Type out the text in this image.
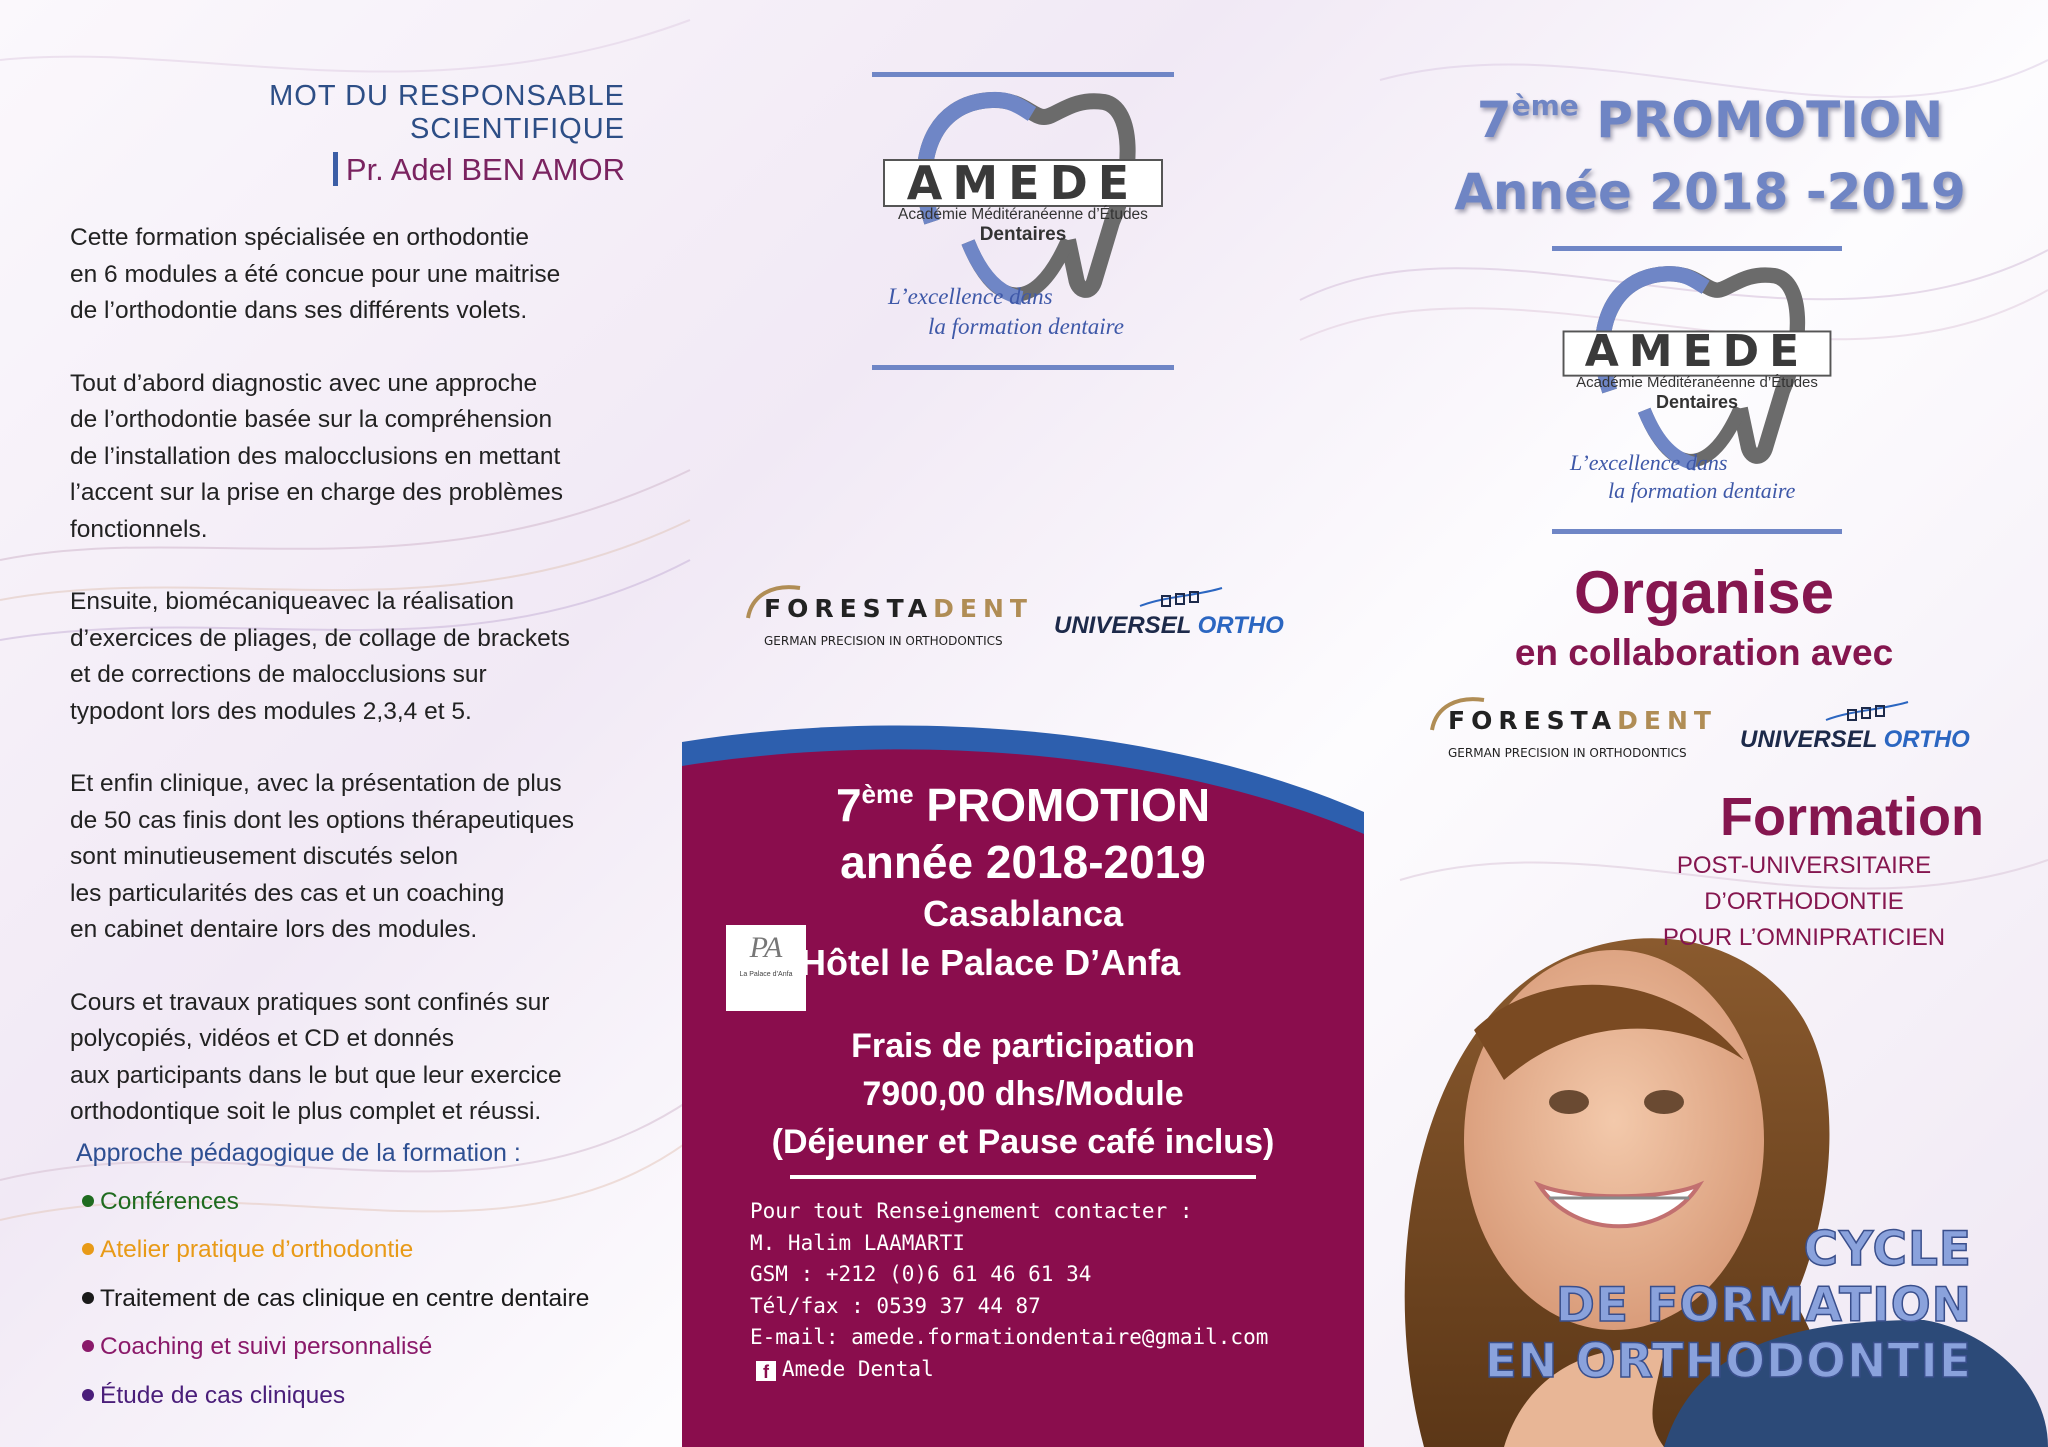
MOT DU RESPONSABLE SCIENTIFIQUE
Pr. Adel BEN AMOR

Cette formation spécialisée en orthodontie
en 6 modules a été concue pour une maitrise
de l’orthodontie dans ses différents volets.

Tout d’abord diagnostic avec une approche
de l’orthodontie basée sur la compréhension
de l’installation des malocclusions en mettant
l’accent sur la prise en charge des problèmes
fonctionnels.

Ensuite, biomécaniqueavec la réalisation
d’exercices de pliages, de collage de brackets
et de corrections de malocclusions sur
typodont lors des modules 2,3,4 et 5.

Et enfin clinique, avec la présentation de plus
de 50 cas finis dont les options thérapeutiques
sont minutieusement discutés selon
les particularités des cas et un coaching
en cabinet dentaire lors des modules.

Cours et travaux pratiques sont confinés sur
polycopiés, vidéos et CD et donnés
aux participants dans le but que leur exercice
orthodontique soit le plus complet et réussi.

Approche pédagogique de la formation :
Conférences
Atelier pratique d’orthodontie
Traitement de cas clinique en centre dentaire
Coaching et suivi personnalisé
Étude de cas cliniques
AMEDE
Académie Méditéranéenne d’Études
Dentaires
L’excellence dans
la formation dentaire
FORESTADENT
GERMAN PRECISION IN ORTHODONTICS
UNIVERSEL ORTHO
7ème PROMOTION
année 2018-2019
Casablanca
PA
La Palace d’Anfa Hôtel le Palace D’Anfa
Frais de participation
7900,00 dhs/Module
(Déjeuner et Pause café inclus)
Pour tout Renseignement contacter :
M. Halim LAAMARTI
GSM : +212 (0)6 61 46 61 34
Tél/fax : 0539 37 44 87
E-mail: amede.formationdentaire@gmail.com
f Amede Dental
7ème PROMOTION
Année 2018 -2019
AMEDE
Académie Méditéranéenne d’Études
Dentaires
L’excellence dans
la formation dentaire
Organise
en collaboration avec
FORESTADENT
GERMAN PRECISION IN ORTHODONTICS UNIVERSEL ORTHO
Formation
POST-UNIVERSITAIRE
D’ORTHODONTIE
POUR L’OMNIPRATICIEN
CYCLE
DE FORMATION
EN ORTHODONTIE
